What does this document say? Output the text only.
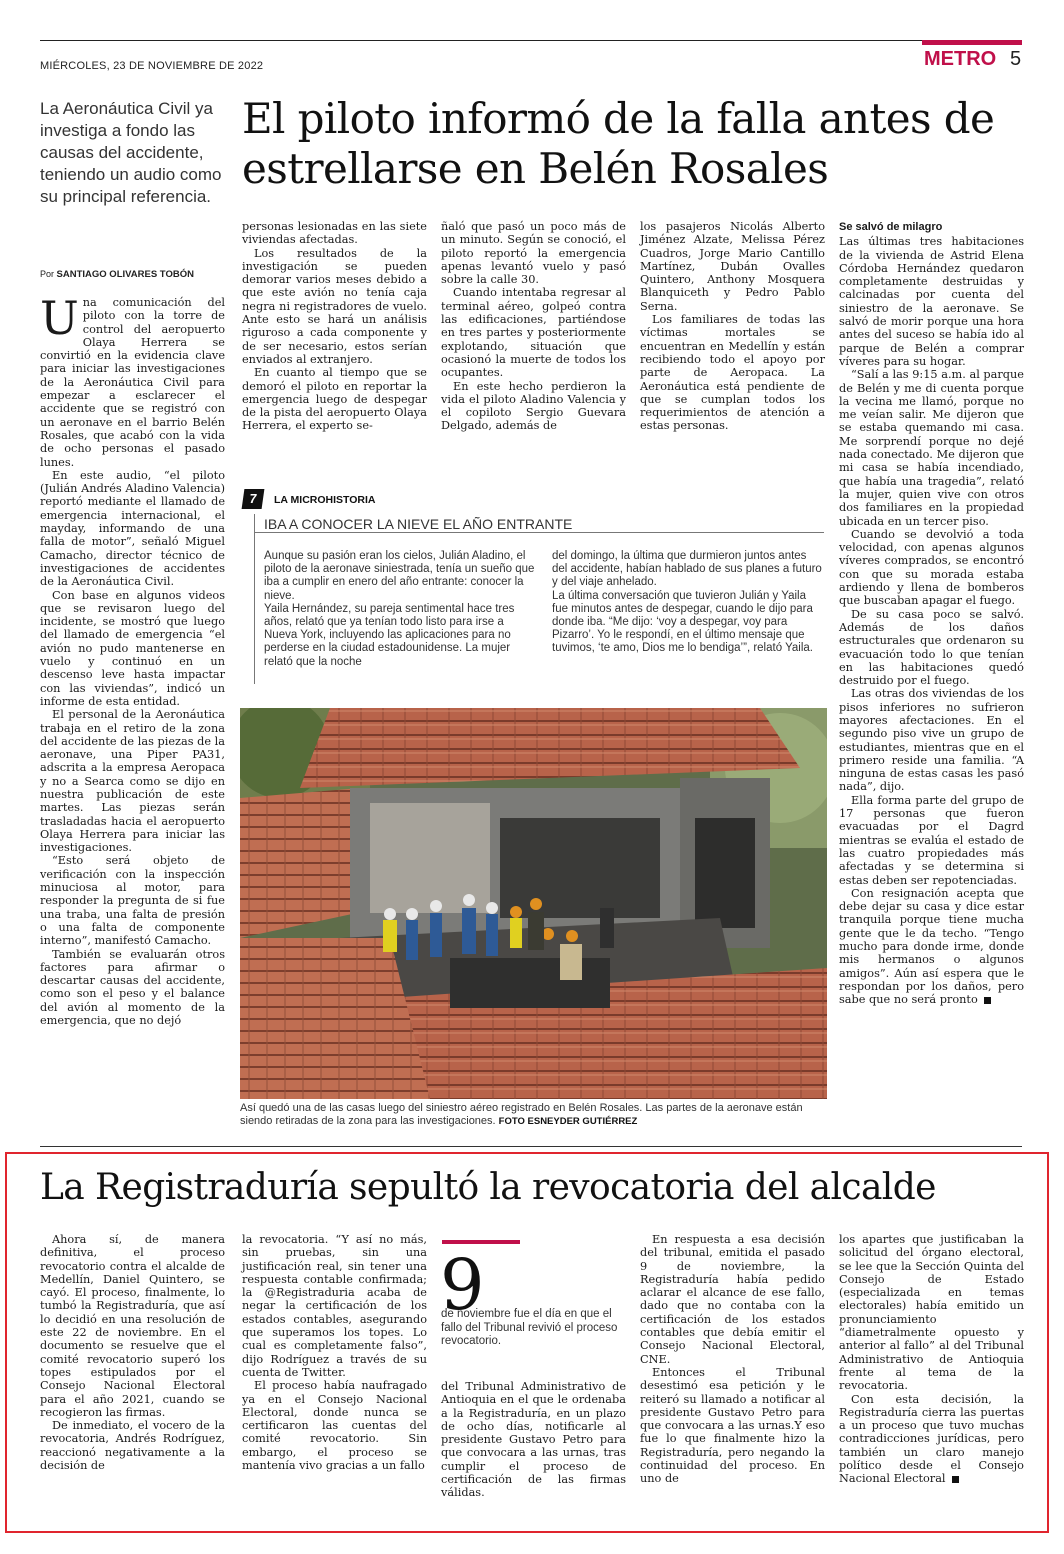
MIÉRCOLES, 23 DE NOVIEMBRE DE 2022	METRO 5
La Aeronáutica Civil ya investiga a fondo las causas del accidente, teniendo un audio como su principal referencia.
El piloto informó de la falla antes de estrellarse en Belén Rosales
Por SANTIAGO OLIVARES TOBÓN

Una comunicación del piloto con la torre de control del aeropuerto Olaya Herrera se convirtió en la evidencia clave para iniciar las investigaciones de la Aeronáutica Civil para empezar a esclarecer el accidente que se registró con un aeronave en el barrio Belén Rosales, que acabó con la vida de ocho personas el pasado lunes.

En este audio, “el piloto (Julián Andrés Aladino Valencia) reportó mediante el llamado de emergencia internacional, el mayday, informando de una falla de motor”, señaló Miguel Camacho, director técnico de investigaciones de accidentes de la Aeronáutica Civil.

Con base en algunos videos que se revisaron luego del incidente, se mostró que luego del llamado de emergencia “el avión no pudo mantenerse en vuelo y continuó en un descenso leve hasta impactar con las viviendas”, indicó un informe de esta entidad.

El personal de la Aeronáutica trabaja en el retiro de la zona del accidente de las piezas de la aeronave, una Piper PA31, adscrita a la empresa Aeropaca y no a Searca como se dijo en nuestra publicación de este martes. Las piezas serán trasladadas hacia el aeropuerto Olaya Herrera para iniciar las investigaciones.

“Esto será objeto de verificación con la inspección minuciosa al motor, para responder la pregunta de si fue una traba, una falta de presión o una falta de componente interno”, manifestó Camacho.

También se evaluarán otros factores para afirmar o descartar causas del accidente, como son el peso y el balance del avión al momento de la emergencia, que no dejó

personas lesionadas en las siete viviendas afectadas.

Los resultados de la investigación se pueden demorar varios meses debido a que este avión no tenía caja negra ni registradores de vuelo. Ante esto se hará un análisis riguroso a cada componente y de ser necesario, estos serían enviados al extranjero.

En cuanto al tiempo que se demoró el piloto en reportar la emergencia luego de despegar de la pista del aeropuerto Olaya Herrera, el experto se-

ñaló que pasó un poco más de un minuto. Según se conoció, el piloto reportó la emergencia apenas levantó vuelo y pasó sobre la calle 30.

Cuando intentaba regresar al terminal aéreo, golpeó contra las edificaciones, partiéndose en tres partes y posteriormente explotando, situación que ocasionó la muerte de todos los ocupantes.

En este hecho perdieron la vida el piloto Aladino Valencia y el copiloto Sergio Guevara Delgado, además de

los pasajeros Nicolás Alberto Jiménez Alzate, Melissa Pérez Cuadros, Jorge Mario Cantillo Martínez, Dubán Ovalles Quintero, Anthony Mosquera Blanquiceth y Pedro Pablo Serna.

Los familiares de todas las víctimas mortales se encuentran en Medellín y están recibiendo todo el apoyo por parte de Aeropaca. La Aeronáutica está pendiente de que se cumplan todos los requerimientos de atención a estas personas.

Se salvó de milagro

Las últimas tres habitaciones de la vivienda de Astrid Elena Córdoba Hernández quedaron completamente destruidas y calcinadas por cuenta del siniestro de la aeronave. Se salvó de morir porque una hora antes del suceso se había ido al parque de Belén a comprar víveres para su hogar.

“Salí a las 9:15 a.m. al parque de Belén y me di cuenta porque la vecina me llamó, porque no me veían salir. Me dijeron que se estaba quemando mi casa. Me sorprendí porque no dejé nada conectado. Me dijeron que mi casa se había incendiado, que había una tragedia”, relató la mujer, quien vive con otros dos familiares en la propiedad ubicada en un tercer piso.

Cuando se devolvió a toda velocidad, con apenas algunos víveres comprados, se encontró con que su morada estaba ardiendo y llena de bomberos que buscaban apagar el fuego.

De su casa poco se salvó. Además de los daños estructurales que ordenaron su evacuación todo lo que tenían en las habitaciones quedó destruido por el fuego.

Las otras dos viviendas de los pisos inferiores no sufrieron mayores afectaciones. En el segundo piso vive un grupo de estudiantes, mientras que en el primero reside una familia. “A ninguna de estas casas les pasó nada”, dijo.

Ella forma parte del grupo de 17 personas que fueron evacuadas por el Dagrd mientras se evalúa el estado de las cuatro propiedades más afectadas y se determina si estas deben ser repotenciadas.

Con resignación acepta que debe dejar su casa y dice estar tranquila porque tiene mucha gente que le da techo. “Tengo mucho para donde irme, donde mis hermanos o algunos amigos”. Aún así espera que le respondan por los daños, pero sabe que no será pronto

7	LA MICROHISTORIA
IBA A CONOCER LA NIEVE EL AÑO ENTRANTE
Aunque su pasión eran los cielos, Julián Aladino, el piloto de la aeronave siniestrada, tenía un sueño que iba a cumplir en enero del año entrante: conocer la nieve.
Yaila Hernández, su pareja sentimental hace tres años, relató que ya tenían todo listo para irse a Nueva York, incluyendo las aplicaciones para no perderse en la ciudad estadounidense. La mujer relató que la noche
del domingo, la última que durmieron juntos antes del accidente, habían hablado de sus planes a futuro y del viaje anhelado.
La última conversación que tuvieron Julián y Yaila fue minutos antes de despegar, cuando le dijo para donde iba. “Me dijo: ‘voy a despegar, voy para Pizarro’. Yo le respondí, en el último mensaje que tuvimos, ‘te amo, Dios me lo bendiga’”, relató Yaila.
Así quedó una de las casas luego del siniestro aéreo registrado en Belén Rosales. Las partes de la aeronave están siendo retiradas de la zona para las investigaciones. FOTO ESNEYDER GUTIÉRREZ
La Registraduría sepultó la revocatoria del alcalde

Ahora sí, de manera definitiva, el proceso revocatorio contra el alcalde de Medellín, Daniel Quintero, se cayó. El proceso, finalmente, lo tumbó la Registraduría, que así lo decidió en una resolución de este 22 de noviembre. En el documento se resuelve que el comité revocatorio superó los topes estipulados por el Consejo Nacional Electoral para el año 2021, cuando se recogieron las firmas.

De inmediato, el vocero de la revocatoria, Andrés Rodríguez, reaccionó negativamente a la decisión de

la revocatoria. “Y así no más, sin pruebas, sin una justificación real, sin tener una respuesta contable confirmada; la @Registraduria acaba de negar la certificación de los estados contables, asegurando que superamos los topes. Lo cual es completamente falso”, dijo Rodríguez a través de su cuenta de Twitter.

El proceso había naufragado ya en el Consejo Nacional Electoral, donde nunca se certificaron las cuentas del comité revocatorio. Sin embargo, el proceso se mantenía vivo gracias a un fallo

9
de noviembre fue el día en que el fallo del Tribunal revivió el proceso revocatorio.

del Tribunal Administrativo de Antioquia en el que le ordenaba a la Registraduría, en un plazo de ocho días, notificarle al presidente Gustavo Petro para que convocara a las urnas, tras cumplir el proceso de certificación de las firmas válidas.

En respuesta a esa decisión del tribunal, emitida el pasado 9 de noviembre, la Registraduría había pedido aclarar el alcance de ese fallo, dado que no contaba con la certificación de los estados contables que debía emitir el Consejo Nacional Electoral, CNE.

Entonces el Tribunal desestimó esa petición y le reiteró su llamado a notificar al presidente Gustavo Petro para que convocara a las urnas.Y eso fue lo que finalmente hizo la Registraduría, pero negando la continuidad del proceso. En uno de

los apartes que justificaban la solicitud del órgano electoral, se lee que la Sección Quinta del Consejo de Estado (especializada en temas electorales) había emitido un pronunciamiento “diametralmente opuesto y anterior al fallo” al del Tribunal Administrativo de Antioquia frente al tema de la revocatoria.

Con esta decisión, la Registraduría cierra las puertas a un proceso que tuvo muchas contradicciones jurídicas, pero también un claro manejo político desde el Consejo Nacional Electoral
